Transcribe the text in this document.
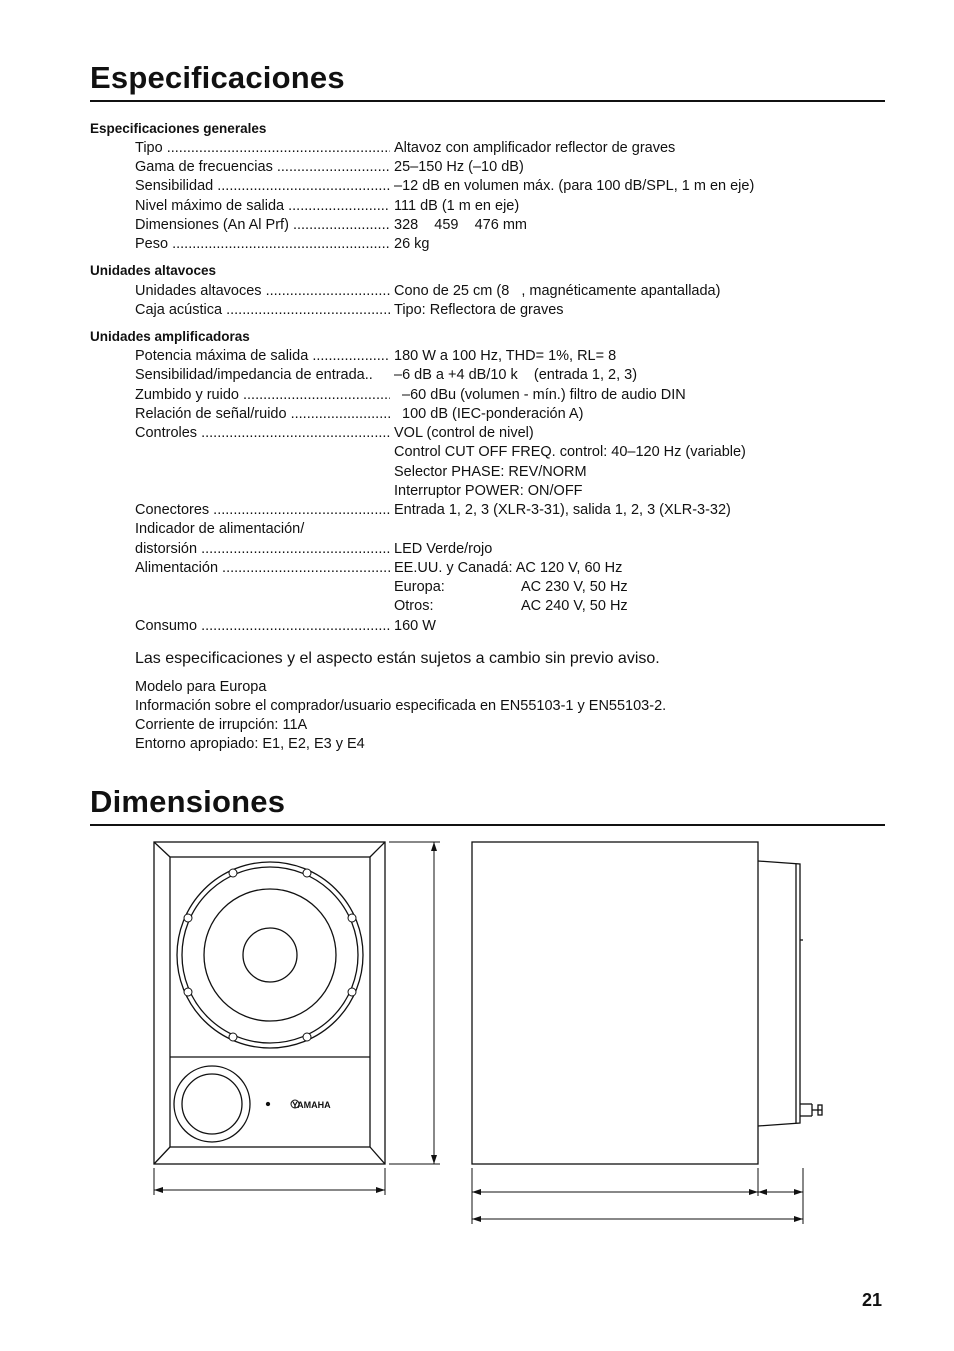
Especificaciones
Especificaciones generales
Tipo .....	Altavoz con amplificador reflector de graves
Gama de frecuencias .....	25–150 Hz (–10 dB)
Sensibilidad .....	–12 dB en volumen máx. (para 100 dB/SPL, 1 m en eje)
Nivel máximo de salida .....	111 dB (1 m en eje)
Dimensiones (An Al Prf) .....	328    459    476 mm
Peso .....	26 kg
Unidades altavoces
Unidades altavoces .....	Cono de 25 cm (8   , magnéticamente apantallada)
Caja acústica .....	Tipo: Reflectora de graves
Unidades amplificadoras
Potencia máxima de salida .....	180 W a 100 Hz, THD= 1%, RL= 8
Sensibilidad/impedancia de entrada..	–6 dB a +4 dB/10 k    (entrada 1, 2, 3)
Zumbido y ruido .....	–60 dBu (volumen - mín.) filtro de audio DIN
Relación de señal/ruido .....	100 dB (IEC-ponderación A)
Controles .....	VOL (control de nivel)
Control CUT OFF FREQ. control: 40–120 Hz (variable)
Selector PHASE: REV/NORM
Interruptor POWER: ON/OFF
Conectores .....	Entrada 1, 2, 3 (XLR-3-31), salida 1, 2, 3 (XLR-3-32)
Indicador de alimentación/
distorsión .....	LED Verde/rojo
Alimentación .....	EE.UU. y Canadá: AC 120 V, 60 Hz
Europa:	AC 230 V, 50 Hz
Otros:	AC 240 V, 50 Hz
Consumo .....	160 W
Las especificaciones y el aspecto están sujetos a cambio sin previo aviso.
Modelo para Europa
Información sobre el comprador/usuario especificada en EN55103-1 y EN55103-2.
Corriente de irrupción: 11A
Entorno apropiado: E1, E2, E3 y E4
Dimensiones
YAMAHA
21
